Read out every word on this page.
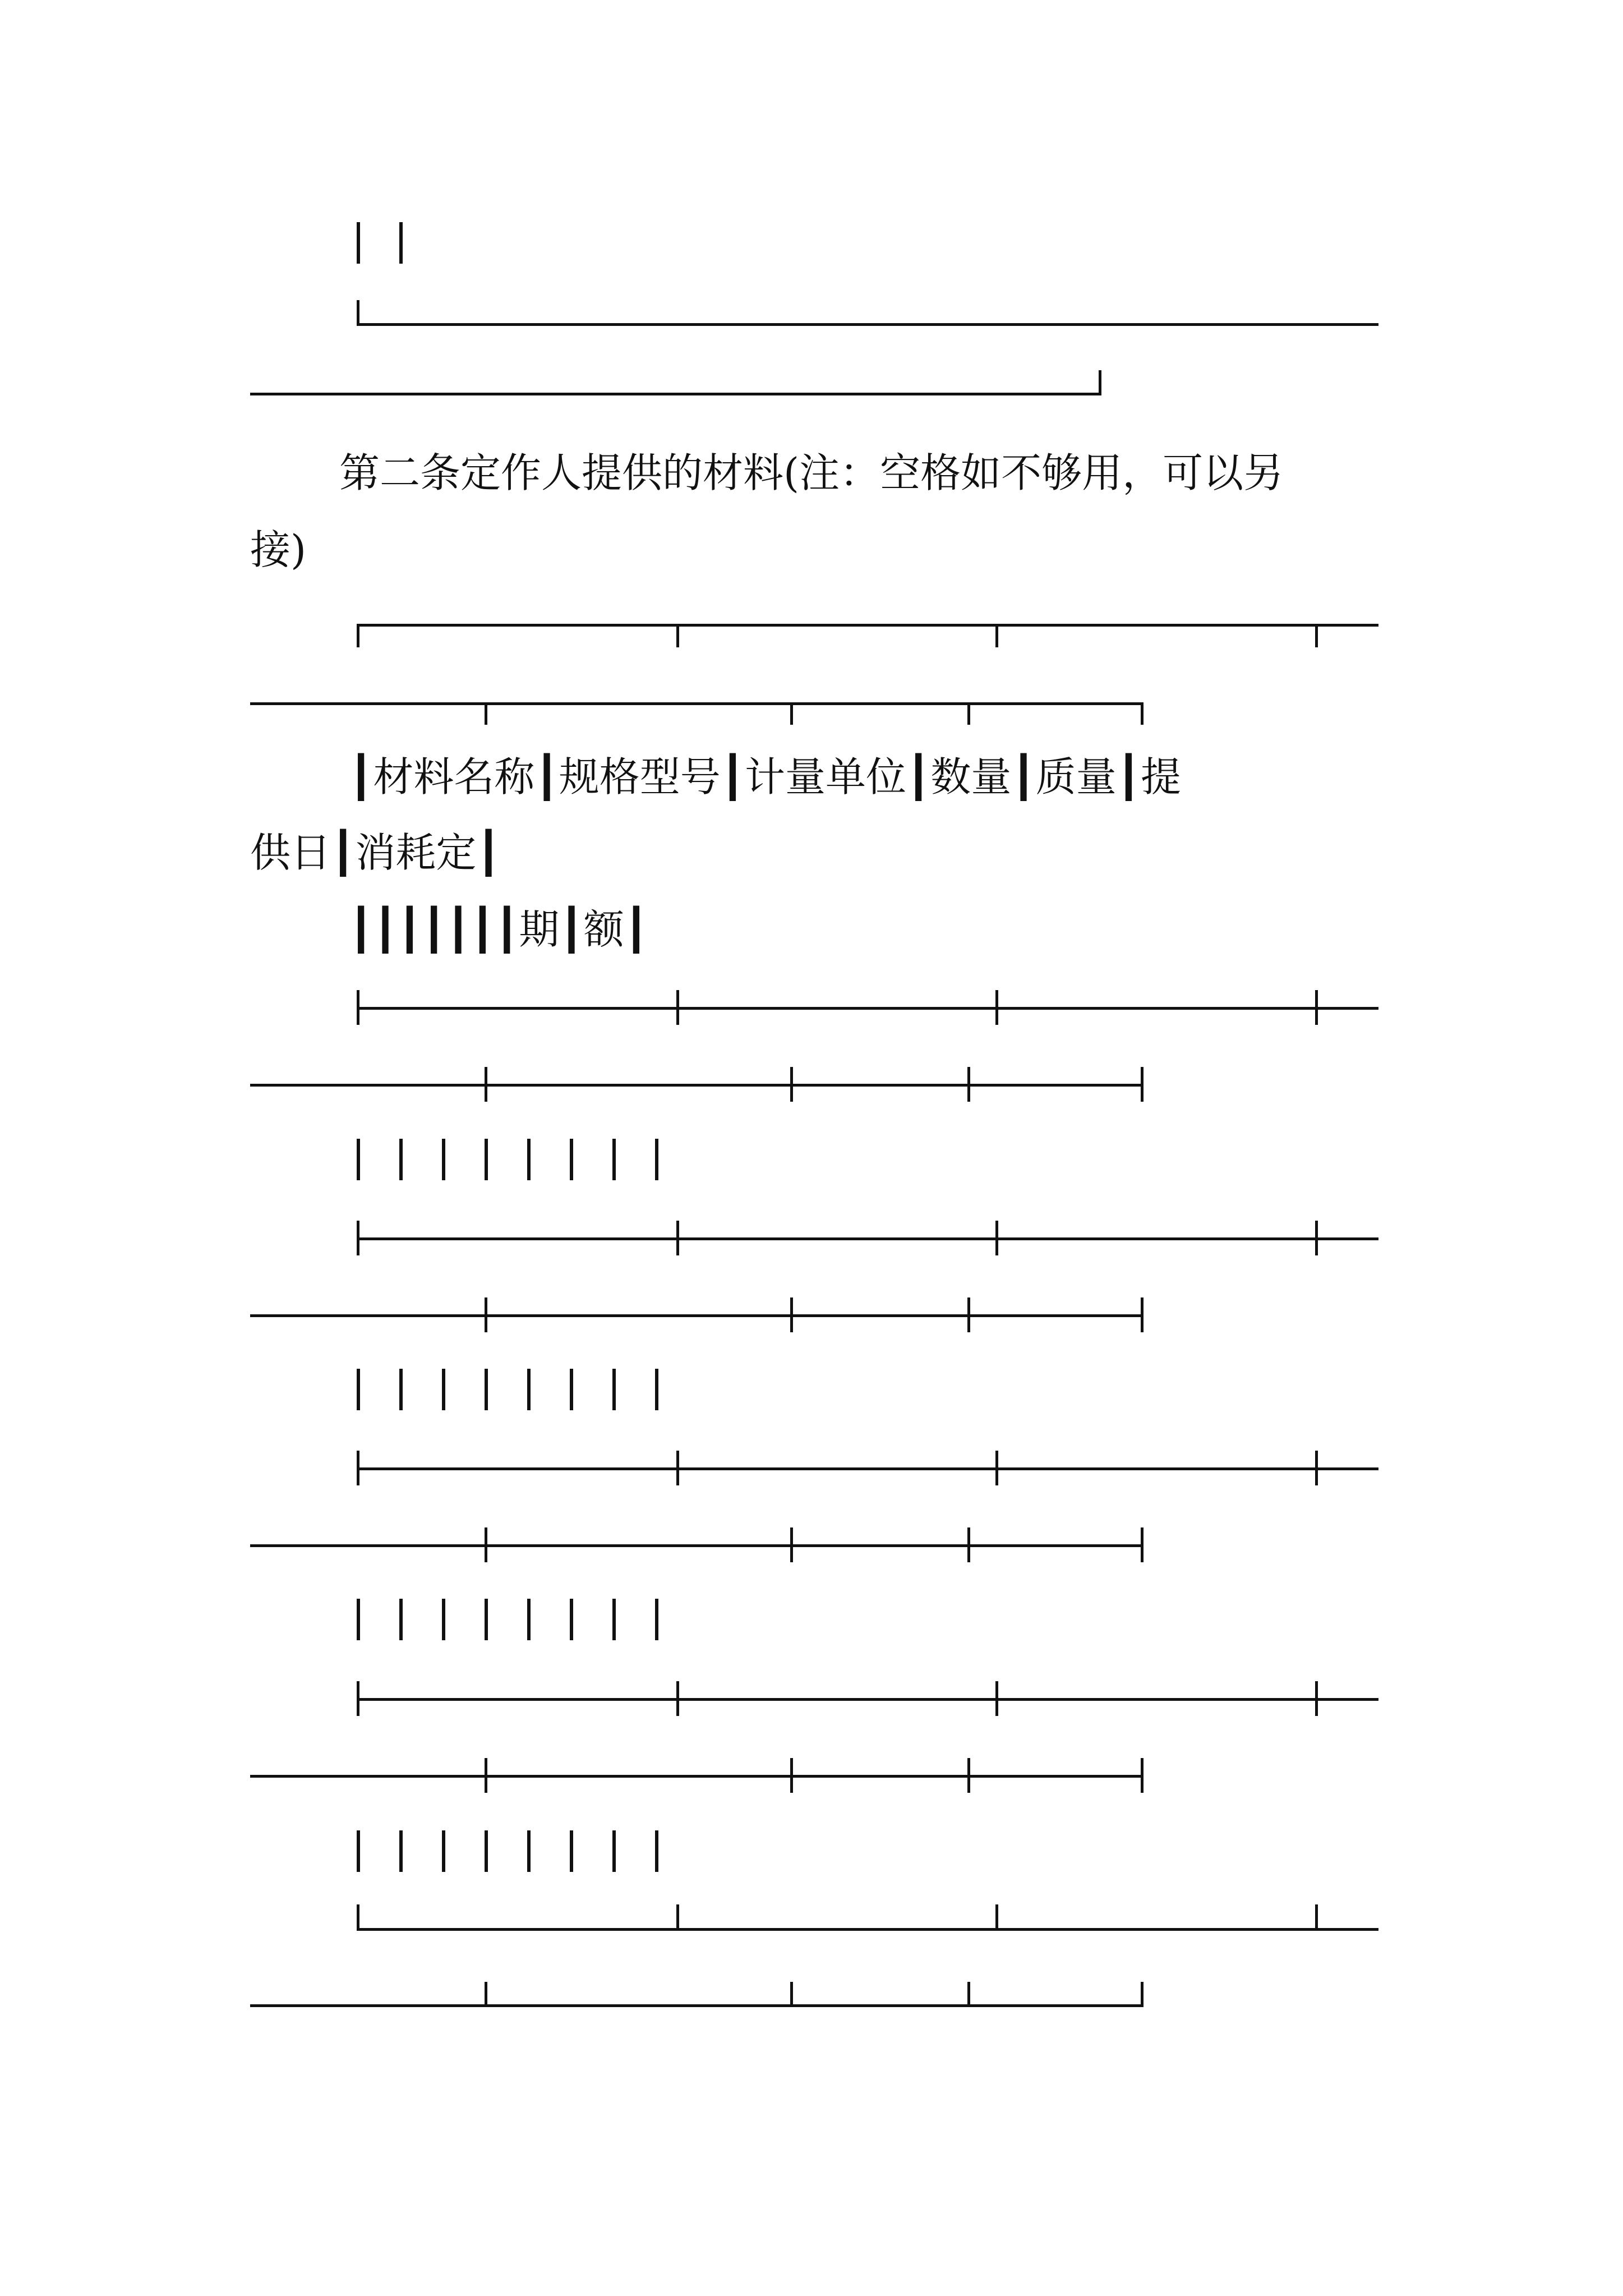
第二条定作人提供的材料(注：空格如不够用，可以另
接)
┃材料名称┃规格型号┃计量单位┃数量┃质量┃提
供日┃消耗定┃
┃┃┃┃┃┃┃期┃额┃
